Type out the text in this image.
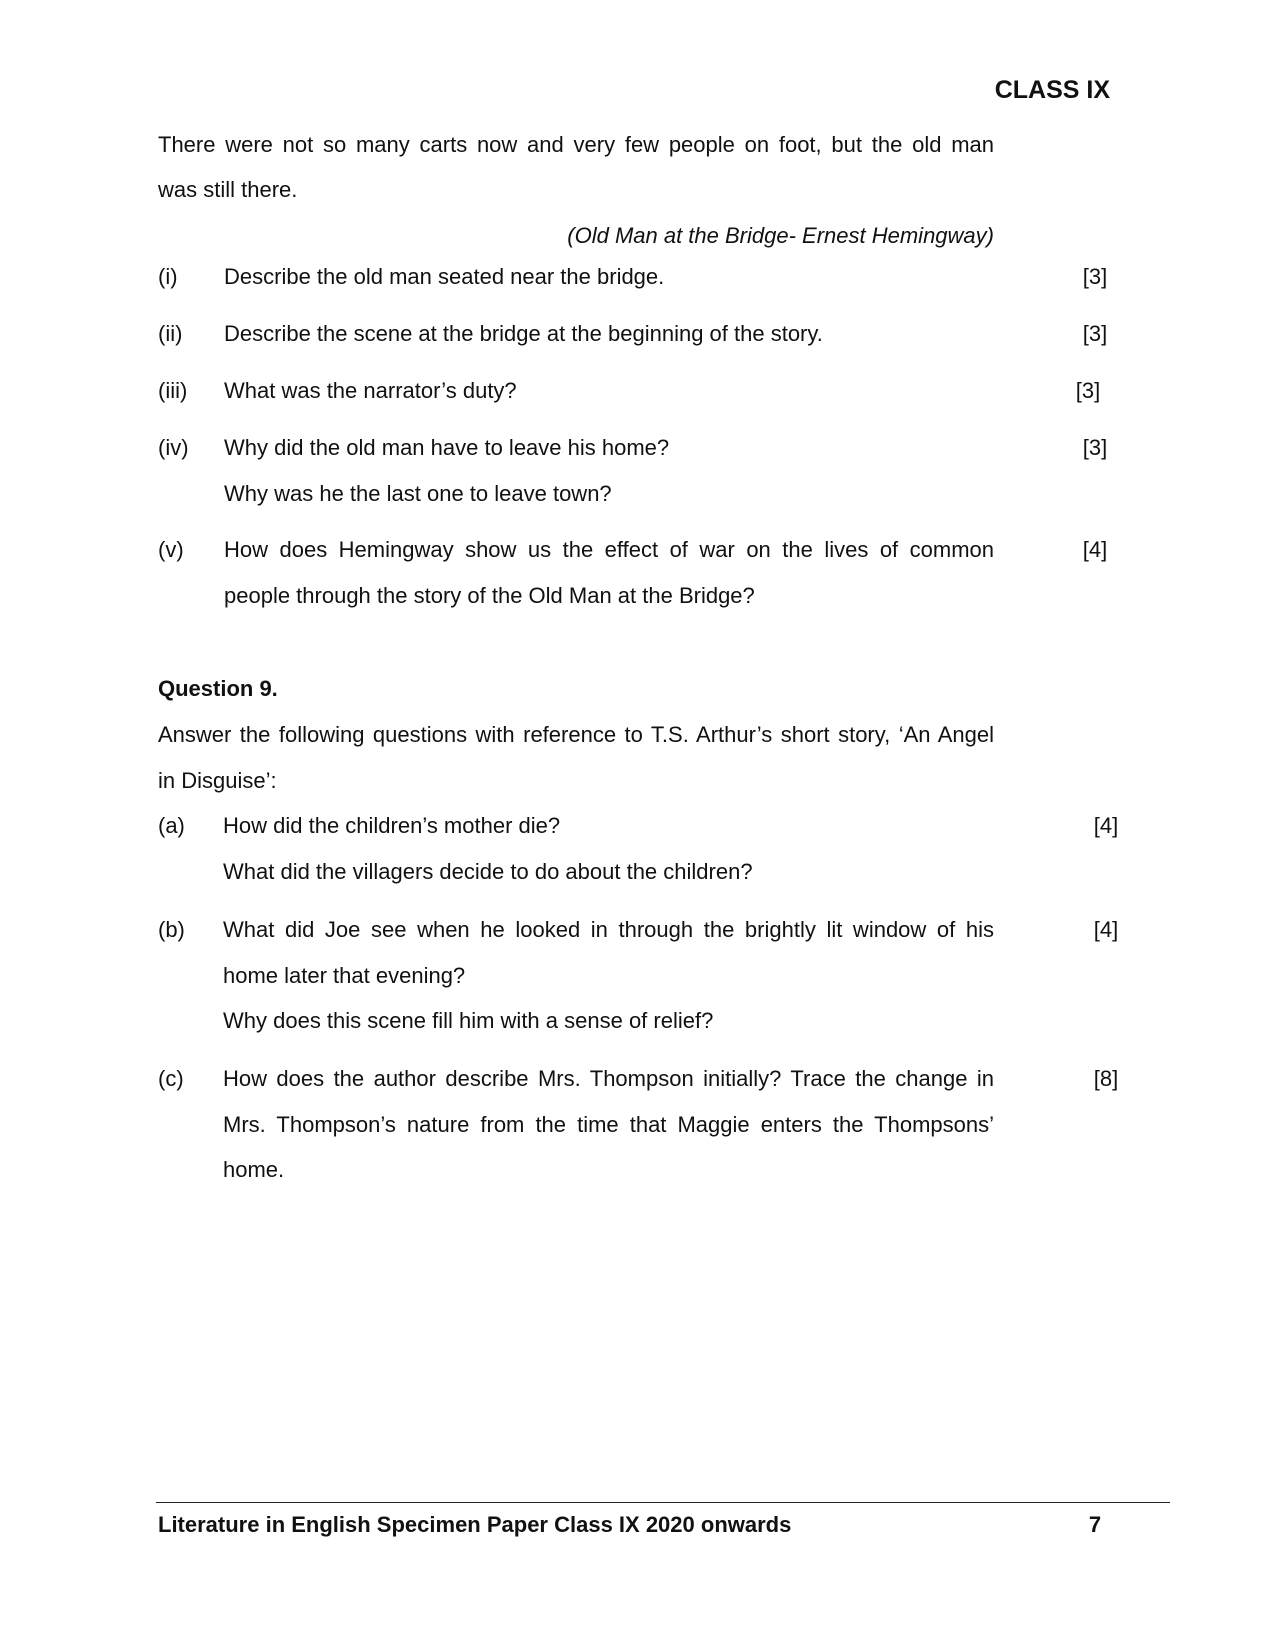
CLASS IX
There were not so many carts now and very few people on foot, but the old man
was still there.
(Old Man at the Bridge- Ernest Hemingway)
(i)	Describe the old man seated near the bridge.	[3]
(ii)	Describe the scene at the bridge at the beginning of the story.	[3]
(iii)	What was the narrator’s duty?	[3]
(iv)	Why did the old man have to leave his home?
Why was he the last one to leave town?
[3]
(v)	How does Hemingway show us the effect of war on the lives of common
people through the story of the Old Man at the Bridge?
[4]
Question 9.
Answer the following questions with reference to T.S. Arthur’s short story, ‘An Angel
in Disguise’:
(a)	How did the children’s mother die?
What did the villagers decide to do about the children?
[4]
(b)	What did Joe see when he looked in through the brightly lit window of his
home later that evening?
Why does this scene fill him with a sense of relief?
[4]
(c)	How does the author describe Mrs. Thompson initially? Trace the change in
Mrs. Thompson’s nature from the time that Maggie enters the Thompsons’
home.
[8]
Literature in English Specimen Paper Class IX 2020 onwards	7
